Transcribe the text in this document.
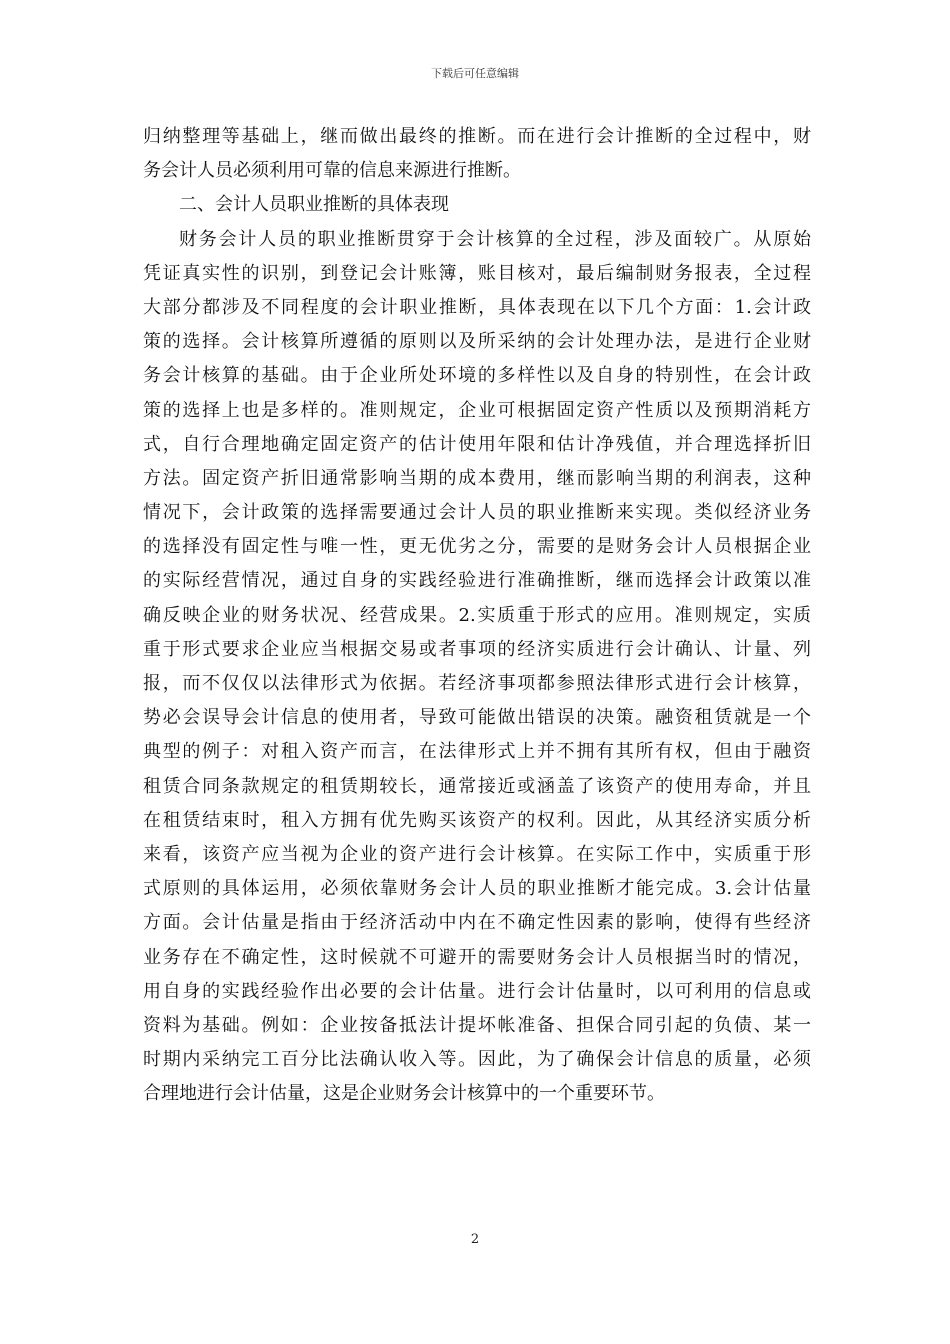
下载后可任意编辑
归纳整理等基础上，继而做出最终的推断。而在进行会计推断的全过程中，财
务会计人员必须利用可靠的信息来源进行推断。
二、会计人员职业推断的具体表现
财务会计人员的职业推断贯穿于会计核算的全过程，涉及面较广。从原始
凭证真实性的识别，到登记会计账簿，账目核对，最后编制财务报表，全过程
大部分都涉及不同程度的会计职业推断，具体表现在以下几个方面：1.会计政
策的选择。会计核算所遵循的原则以及所采纳的会计处理办法，是进行企业财
务会计核算的基础。由于企业所处环境的多样性以及自身的特别性，在会计政
策的选择上也是多样的。准则规定，企业可根据固定资产性质以及预期消耗方
式，自行合理地确定固定资产的估计使用年限和估计净残值，并合理选择折旧
方法。固定资产折旧通常影响当期的成本费用，继而影响当期的利润表，这种
情况下，会计政策的选择需要通过会计人员的职业推断来实现。类似经济业务
的选择没有固定性与唯一性，更无优劣之分，需要的是财务会计人员根据企业
的实际经营情况，通过自身的实践经验进行准确推断，继而选择会计政策以准
确反映企业的财务状况、经营成果。2.实质重于形式的应用。准则规定，实质
重于形式要求企业应当根据交易或者事项的经济实质进行会计确认、计量、列
报，而不仅仅以法律形式为依据。若经济事项都参照法律形式进行会计核算，
势必会误导会计信息的使用者，导致可能做出错误的决策。融资租赁就是一个
典型的例子：对租入资产而言，在法律形式上并不拥有其所有权，但由于融资
租赁合同条款规定的租赁期较长，通常接近或涵盖了该资产的使用寿命，并且
在租赁结束时，租入方拥有优先购买该资产的权利。因此，从其经济实质分析
来看，该资产应当视为企业的资产进行会计核算。在实际工作中，实质重于形
式原则的具体运用，必须依靠财务会计人员的职业推断才能完成。3.会计估量
方面。会计估量是指由于经济活动中内在不确定性因素的影响，使得有些经济
业务存在不确定性，这时候就不可避开的需要财务会计人员根据当时的情况，
用自身的实践经验作出必要的会计估量。进行会计估量时，以可利用的信息或
资料为基础。例如：企业按备抵法计提坏帐准备、担保合同引起的负债、某一
时期内采纳完工百分比法确认收入等。因此，为了确保会计信息的质量，必须
合理地进行会计估量，这是企业财务会计核算中的一个重要环节。
2
